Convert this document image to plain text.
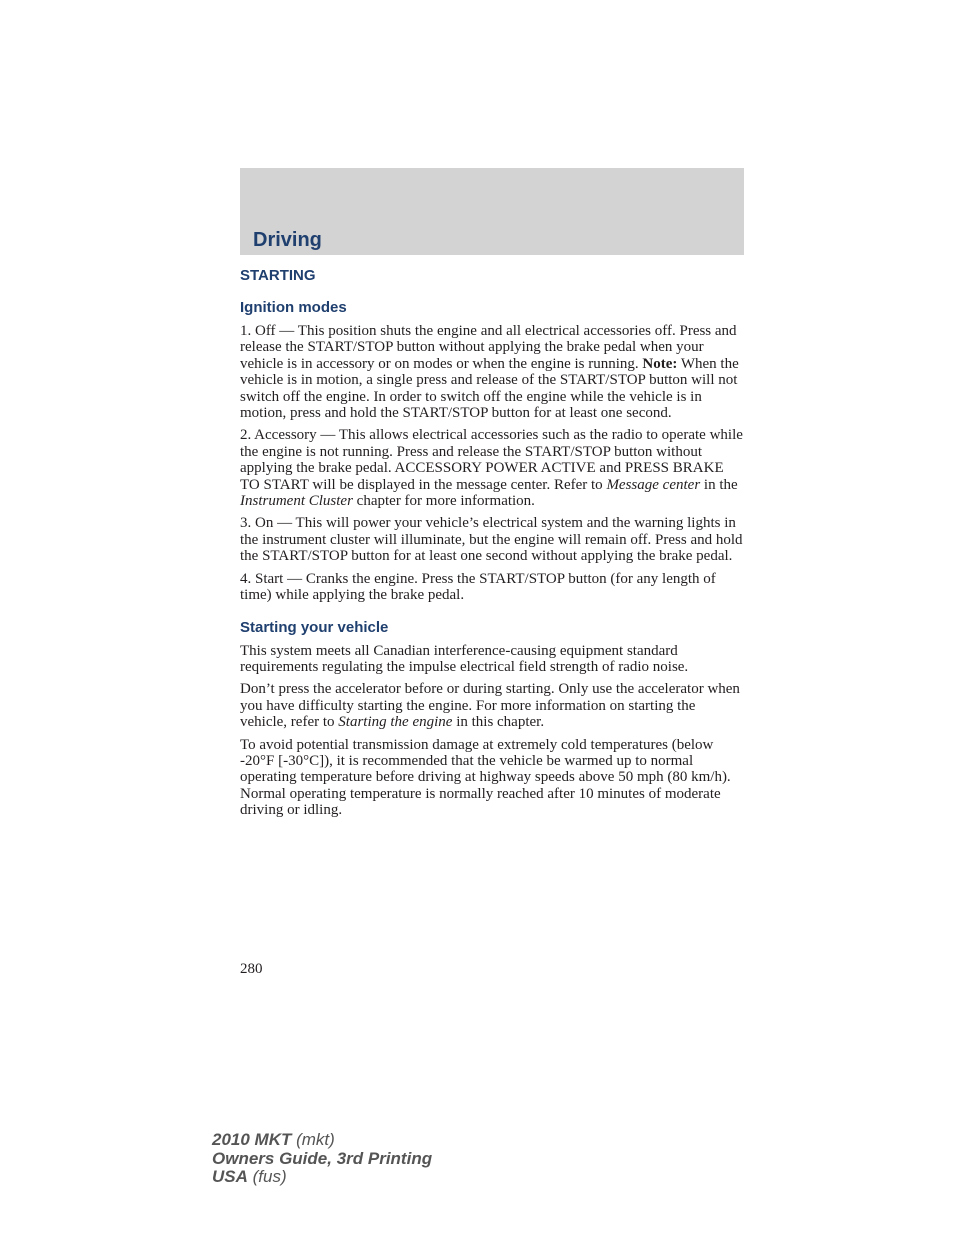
Driving
STARTING
Ignition modes

1. Off — This position shuts the engine and all electrical accessories off. Press and release the START/STOP button without applying the brake pedal when your vehicle is in accessory or on modes or when the engine is running. Note: When the vehicle is in motion, a single press and release of the START/STOP button will not switch off the engine. In order to switch off the engine while the vehicle is in motion, press and hold the START/STOP button for at least one second.

2. Accessory — This allows electrical accessories such as the radio to operate while the engine is not running. Press and release the START/STOP button without applying the brake pedal. ACCESSORY POWER ACTIVE and PRESS BRAKE TO START will be displayed in the message center. Refer to Message center in the Instrument Cluster chapter for more information.

3. On — This will power your vehicle’s electrical system and the warning lights in the instrument cluster will illuminate, but the engine will remain off. Press and hold the START/STOP button for at least one second without applying the brake pedal.

4. Start — Cranks the engine. Press the START/STOP button (for any length of time) while applying the brake pedal.

Starting your vehicle

This system meets all Canadian interference-causing equipment standard requirements regulating the impulse electrical field strength of radio noise.

Don’t press the accelerator before or during starting. Only use the accelerator when you have difficulty starting the engine. For more information on starting the vehicle, refer to Starting the engine in this chapter.

To avoid potential transmission damage at extremely cold temperatures (below -20°F [-30°C]), it is recommended that the vehicle be warmed up to normal operating temperature before driving at highway speeds above 50 mph (80 km/h). Normal operating temperature is normally reached after 10 minutes of moderate driving or idling.

280
2010 MKT (mkt)
Owners Guide, 3rd Printing
USA (fus)
